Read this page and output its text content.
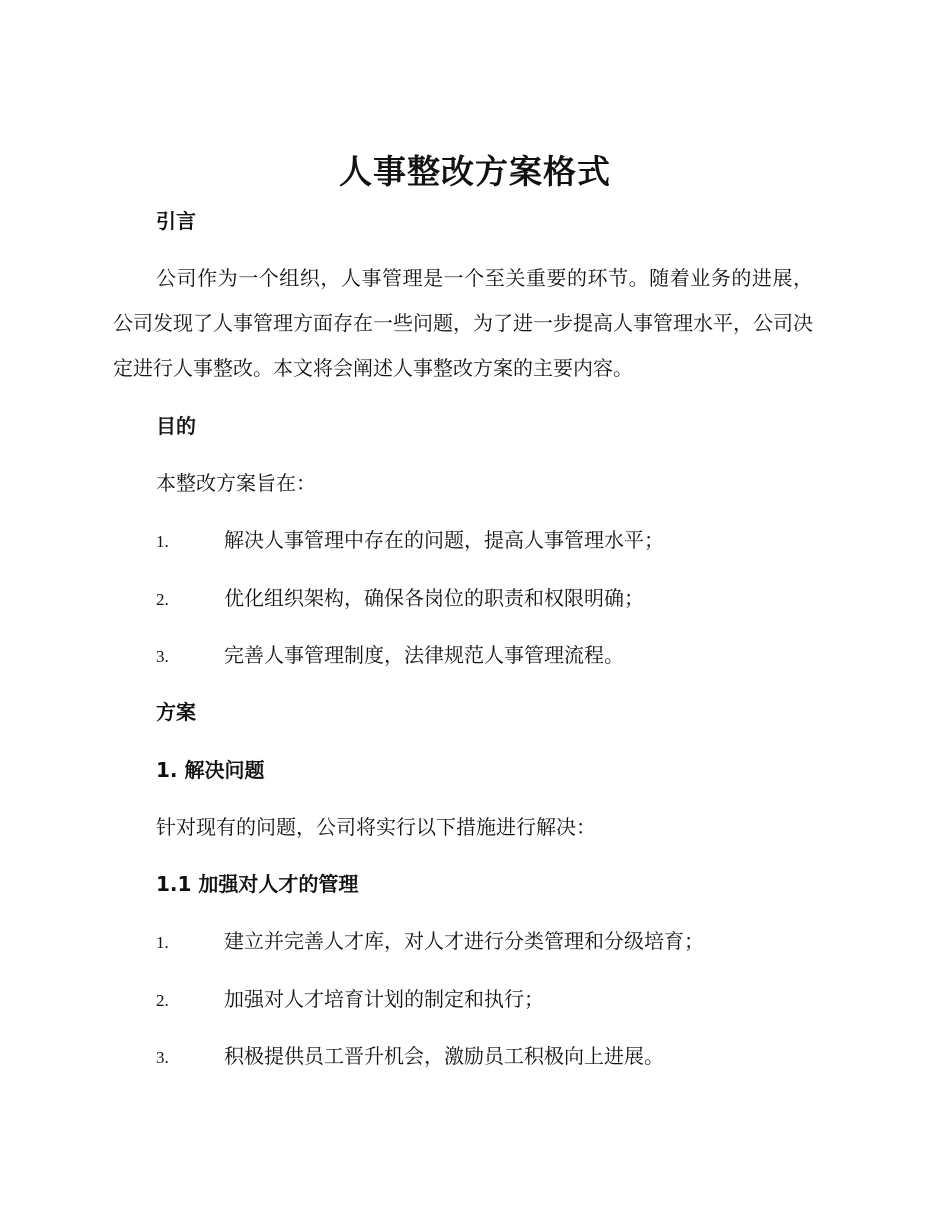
人事整改方案格式
引言
公司作为一个组织，人事管理是一个至关重要的环节。随着业务的进展，公司发现了人事管理方面存在一些问题，为了进一步提高人事管理水平，公司决定进行人事整改。本文将会阐述人事整改方案的主要内容。
目的
本整改方案旨在：
1.	解决人事管理中存在的问题，提高人事管理水平；
2.	优化组织架构，确保各岗位的职责和权限明确；
3.	完善人事管理制度，法律规范人事管理流程。
方案
1. 解决问题
针对现有的问题，公司将实行以下措施进行解决：
1.1 加强对人才的管理
1.	建立并完善人才库，对人才进行分类管理和分级培育；
2.	加强对人才培育计划的制定和执行；
3.	积极提供员工晋升机会，激励员工积极向上进展。
